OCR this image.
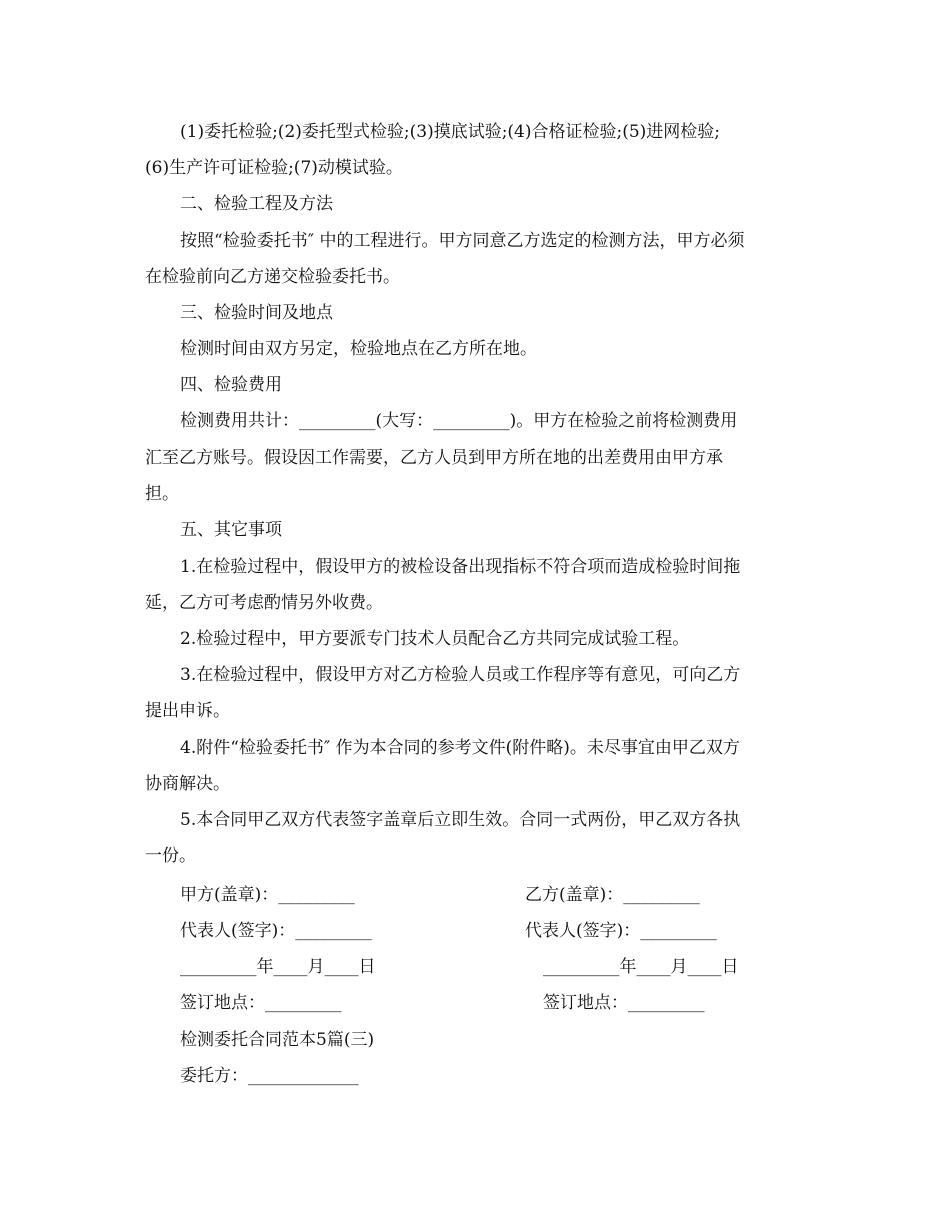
(1)委托检验;(2)委托型式检验;(3)摸底试验;(4)合格证检验;(5)进网检验;
(6)生产许可证检验;(7)动模试验。
二、检验工程及方法
按照“检验委托书″ 中的工程进行。甲方同意乙方选定的检测方法，甲方必须
在检验前向乙方递交检验委托书。
三、检验时间及地点
检测时间由双方另定，检验地点在乙方所在地。
四、检验费用
检测费用共计：_________(大写：_________)。甲方在检验之前将检测费用
汇至乙方账号。假设因工作需要，乙方人员到甲方所在地的出差费用由甲方承
担。
五、其它事项
1.在检验过程中，假设甲方的被检设备出现指标不符合项而造成检验时间拖
延，乙方可考虑酌情另外收费。
2.检验过程中，甲方要派专门技术人员配合乙方共同完成试验工程。
3.在检验过程中，假设甲方对乙方检验人员或工作程序等有意见，可向乙方
提出申诉。
4.附件“检验委托书″ 作为本合同的参考文件(附件略)。未尽事宜由甲乙双方
协商解决。
5.本合同甲乙双方代表签字盖章后立即生效。合同一式两份，甲乙双方各执
一份。
甲方(盖章)：_________	乙方(盖章)：_________
代表人(签字)：_________	代表人(签字)：_________
_________年____月____日	_________年____月____日
签订地点：_________	签订地点：_________
检测委托合同范本5篇(三)
委托方：_____________
